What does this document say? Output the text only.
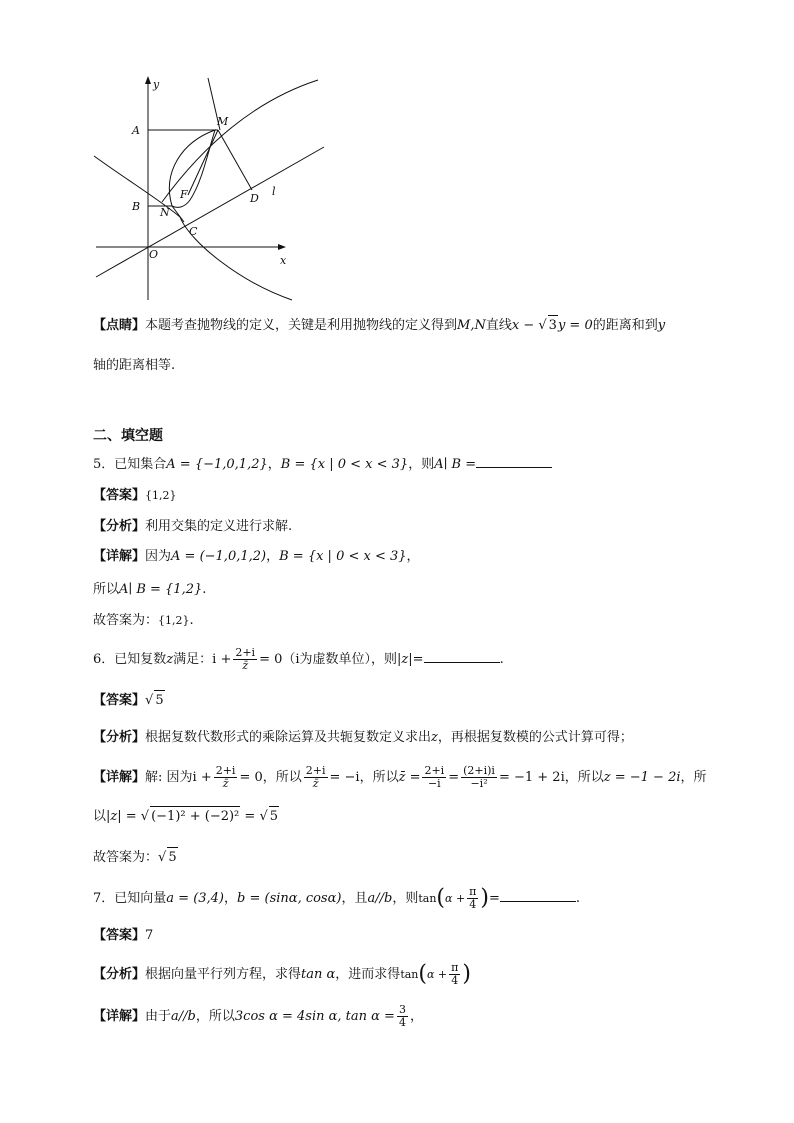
y
x
A
B
M
F	D
l
N
C
O
【点睛】本题考查抛物线的定义，关键是利用抛物线的定义得到M,N直线x − √ 3y = 0的距离和到y
轴的距离相等.
二、填空题
5．已知集合A = {−1,0,1,2}，B = {x | 0 < x < 3}，则A∣ B =
【答案】{1,2}
【分析】利用交集的定义进行求解.
【详解】因为A = (−1,0,1,2)，B = {x | 0 < x < 3}，
所以A∣ B = {1,2}.
故答案为：{1,2}.
6．已知复数z满足：$i + \frac{2+i}{z̄} = 0(i$为虚数单位），则|z|=	.
【答案】√ 5
【分析】根据复数代数形式的乘除运算及共轭复数定义求出z，再根据复数模的公式计算可得；
【详解】解: 因为$i + \frac{2+i}{z̄} = 0$，所以 $\frac{2+i}{z̄} = -i$，所以z̄ = $\frac{2+i}{-i} = \frac{(2+i)i}{\text{−i²}} = -1 + 2i$，所以z = −1 − 2i，所
以|z| = √ (−1)² + (−2)² = √ 5
故答案为：√ 5
7．已知向量a = (3,4)，b = (sinα, cosα)，且a//b，则$\tan(\alpha + \frac{\pi}{4}$ )=	.
【答案】7
【分析】根据向量平行列方程，求得tan α，进而求得$\tan(\alpha + \frac{\pi}{4}$ )
【详解】由于a//b，所以3cos α = 4sin α, $\tan \alpha = \frac{3}{4}$ ，
